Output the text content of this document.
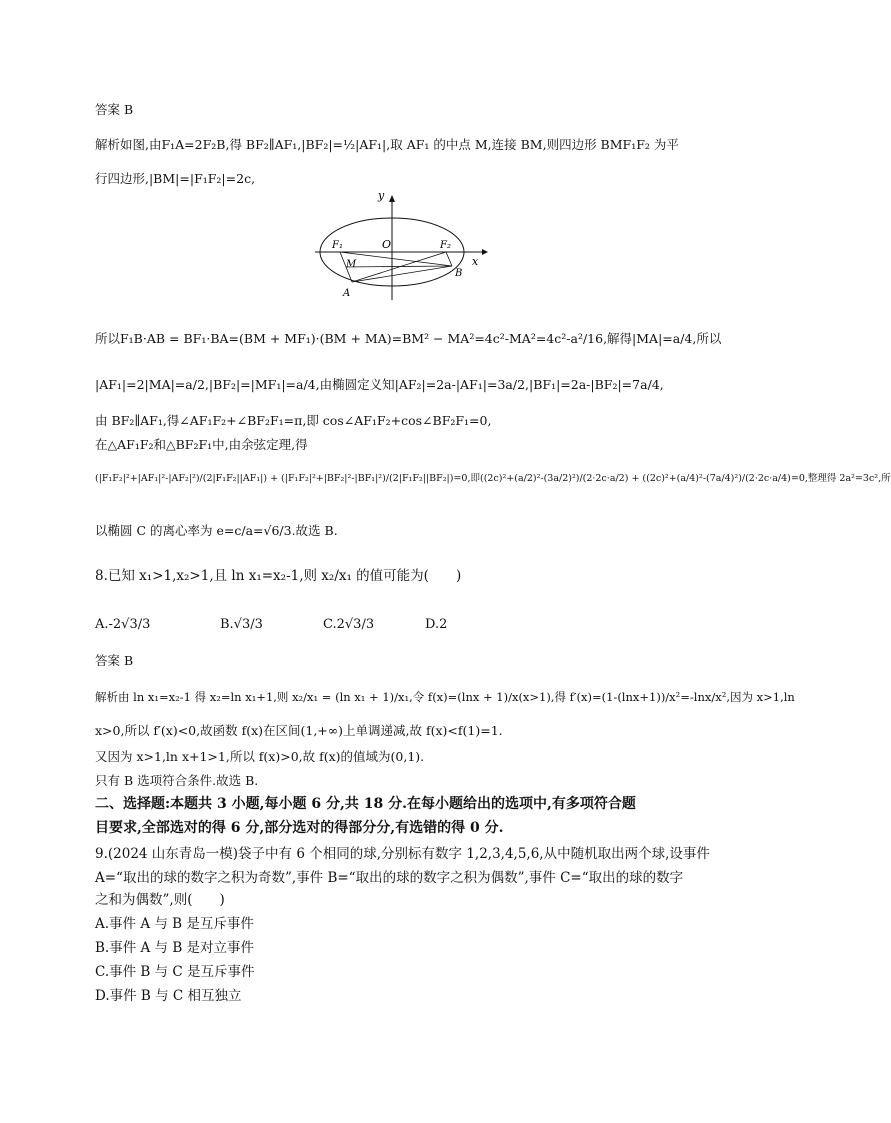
答案 B
解析如图,由F₁A=2F₂B,得 BF₂∥AF₁,|BF₂|=½|AF₁|,取 AF₁ 的中点 M,连接 BM,则四边形 BMF₁F₂ 为平
行四边形,|BM|=|F₁F₂|=2c,
y
x
O
F₁	F₂
M
A
B
所以F₁B·AB = BF₁·BA=(BM + MF₁)·(BM + MA)=BM² − MA²=4c²-MA²=4c²-a²/16,解得|MA|=a/4,所以
|AF₁|=2|MA|=a/2,|BF₂|=|MF₁|=a/4,由椭圆定义知|AF₂|=2a-|AF₁|=3a/2,|BF₁|=2a-|BF₂|=7a/4,
由 BF₂∥AF₁,得∠AF₁F₂+∠BF₂F₁=π,即 cos∠AF₁F₂+cos∠BF₂F₁=0,
在△AF₁F₂和△BF₂F₁中,由余弦定理,得
(|F₁F₂|²+|AF₁|²-|AF₂|²)/(2|F₁F₂||AF₁|) + (|F₁F₂|²+|BF₂|²-|BF₁|²)/(2|F₁F₂||BF₂|)=0,即((2c)²+(a/2)²-(3a/2)²)/(2·2c·a/2) + ((2c)²+(a/4)²-(7a/4)²)/(2·2c·a/4)=0,整理得 2a²=3c²,所
以椭圆 C 的离心率为 e=c/a=√6/3.故选 B.
8.已知 x₁>1,x₂>1,且 ln x₁=x₂-1,则 x₂/x₁ 的值可能为(　　)
A.-2√3/3	B.√3/3	C.2√3/3	D.2
答案 B
解析由 ln x₁=x₂-1 得 x₂=ln x₁+1,则 x₂/x₁ = (ln x₁ + 1)/x₁,令 f(x)=(lnx + 1)/x(x>1),得 f′(x)=(1-(lnx+1))/x²=-lnx/x²,因为 x>1,ln
x>0,所以 f′(x)<0,故函数 f(x)在区间(1,+∞)上单调递减,故 f(x)<f(1)=1.
又因为 x>1,ln x+1>1,所以 f(x)>0,故 f(x)的值域为(0,1).
只有 B 选项符合条件.故选 B.
二、选择题:本题共 3 小题,每小题 6 分,共 18 分.在每小题给出的选项中,有多项符合题
目要求,全部选对的得 6 分,部分选对的得部分分,有选错的得 0 分.
9.(2024 山东青岛一模)袋子中有 6 个相同的球,分别标有数字 1,2,3,4,5,6,从中随机取出两个球,设事件
A=“取出的球的数字之积为奇数”,事件 B=“取出的球的数字之积为偶数”,事件 C=“取出的球的数字
之和为偶数”,则(　　)
A.事件 A 与 B 是互斥事件
B.事件 A 与 B 是对立事件
C.事件 B 与 C 是互斥事件
D.事件 B 与 C 相互独立
